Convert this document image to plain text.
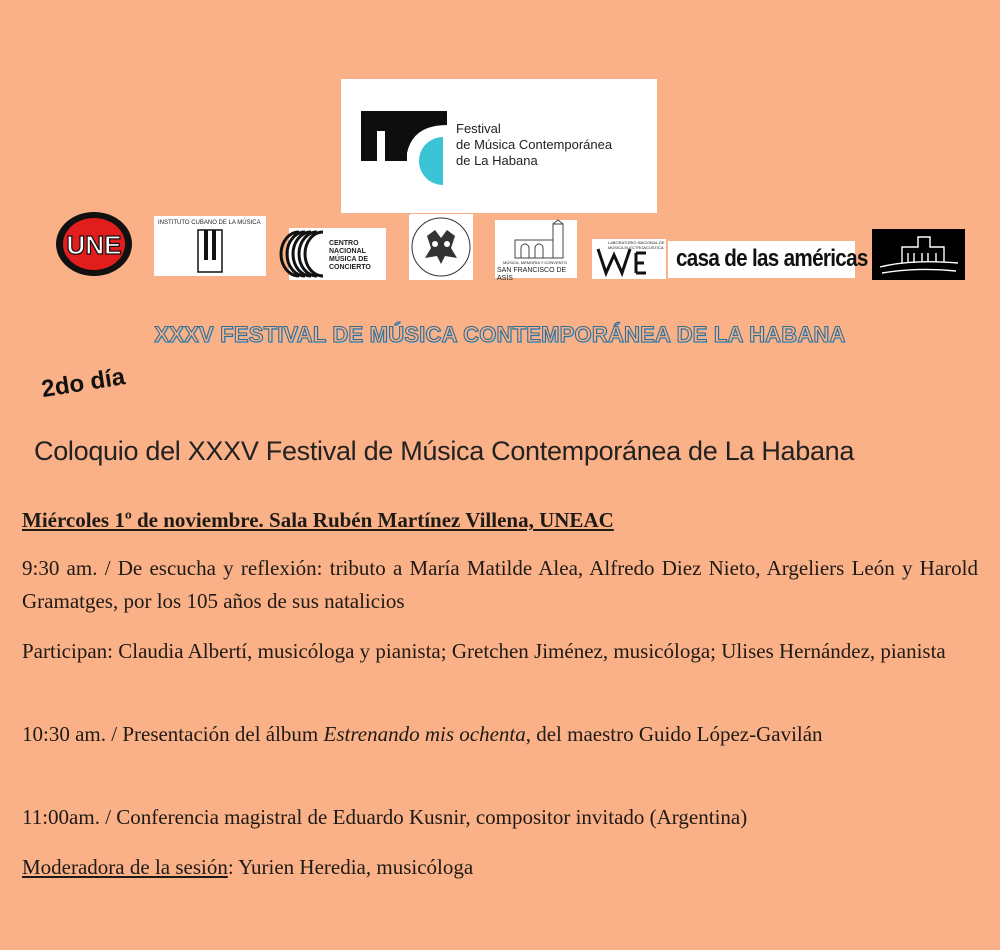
Festival
de Música Contemporánea
de La Habana
UNE
INSTITUTO CUBANO DE LA MÚSICA
CENTRO
NACIONAL
MÚSICA DE
CONCIERTO
MÚSICA, MEMORIA Y CONVENTO
SAN FRANCISCO DE ASÍS
LABORATORIO NACIONAL DE MÚSICA ELECTROACÚSTICA casa de las américas
XXXV FESTIVAL DE MÚSICA CONTEMPORÁNEA DE LA HABANA
2do día
Coloquio del XXXV Festival de Música Contemporánea de La Habana
Miércoles 1º de noviembre. Sala Rubén Martínez Villena, UNEAC
9:30 am. / De escucha y reflexión: tributo a María Matilde Alea, Alfredo Diez Nieto, Argeliers León y Harold Gramatges, por los 105 años de sus natalicios
Participan: Claudia Albertí, musicóloga y pianista; Gretchen Jiménez, musicóloga; Ulises Hernández, pianista
10:30 am. / Presentación del álbum Estrenando mis ochenta, del maestro Guido López-Gavilán
11:00am. / Conferencia magistral de Eduardo Kusnir, compositor invitado (Argentina)
Moderadora de la sesión: Yurien Heredia, musicóloga
